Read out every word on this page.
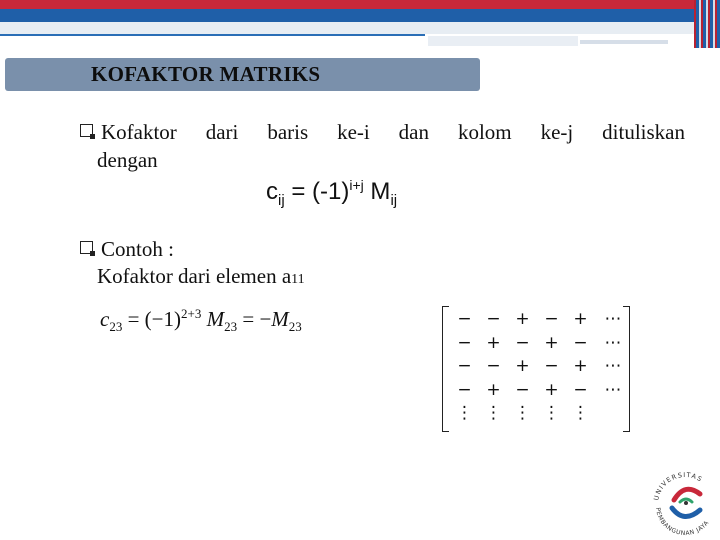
KOFAKTOR MATRIKS
Kofaktor dari baris ke-i dan kolom ke-j dituliskan
dengan
$c_{ij} = (-1)^{i+j}$ $M_{ij}$
Contoh :
Kofaktor dari elemen a11
$c_{23} = (-1)^{2+3}$ $M_{23} = -M_{23}$	− − + − + ⋯
− + − + − ⋯
− − + − + ⋯
− + − + − ⋯
⋮ ⋮ ⋮ ⋮ ⋮
UNIVERSITAS
PEMBANGUNAN JAYA
